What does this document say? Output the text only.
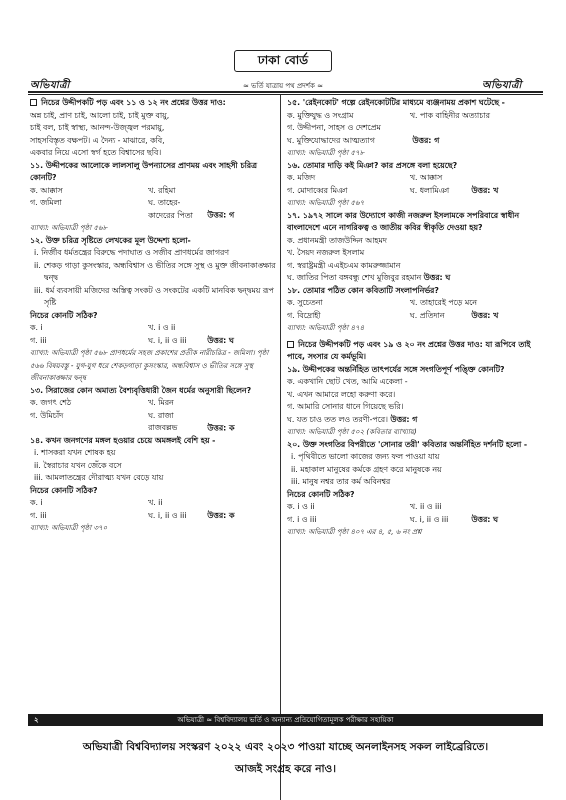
ঢাকা বোর্ড
অভিযাত্রী	≈ ভর্তি যাত্রায় পথ প্রদর্শক ≈	অভিযাত্রী
নিচের উদ্দীপকটি পড় এবং ১১ ও ১২ নং প্রশ্নের উত্তর দাও:
অন্ন চাই, প্রাণ চাই, আলো চাই, চাই মুক্ত বায়ু,
চাই বল, চাই স্বাস্থ্য, আনন্দ-উজ্জ্বল পরমায়ু,
সাহসবিস্তৃত বক্ষপট। এ দৈন্য - মাঝারে, কবি,
একবার নিয়ে এসো স্বর্গ হতে বিশ্বাসের ছবি।
১১. উদ্দীপকের আলোকে লালসালু উপন্যাসের প্রাণময় এবং সাহসী চরিত্র কোনটি?
ক. আক্কাস	খ. রহিমা
গ. জমিলা	ঘ. তাহের-কাদেরের পিতা উত্তর: গ
ব্যাখ্যা: অভিযাত্রী পৃষ্ঠা ৫৬৮
১২. উক্ত চরিত্র সৃষ্টিতে লেখকের মূল উদ্দেশ্য হলো-
i. নির্জীব ধর্মতন্ত্রের বিরুদ্ধে পদাঘাত ও সজীব প্রাণধর্মের জাগরণ
ii. শেকড় গাড়া কুসংস্কার, অন্ধবিশ্বাস ও ভীতির সঙ্গে সুস্থ ও মুক্ত জীবনাকাঙ্ক্ষার দ্বন্দ্ব
iii. ধর্ম ব্যবসায়ী মজিদের অস্তিত্ব সংকট ও সংকটের একটি মানবিক দ্বন্দ্বময় রূপ সৃষ্টি
নিচের কোনটি সঠিক?
ক. i	খ. i ও ii
গ. iii	ঘ. i, ii ও iii	উত্তর: ঘ
ব্যাখ্যা: অভিযাত্রী পৃষ্ঠা ৫৬৮ প্রাণধর্মের সহজ প্রকাশের প্রতীক নারীচরিত্র - জমিলা। পৃষ্ঠা ৫৬৬ বিষয়বস্তু - যুগ-যুগ ধরে শেকড়গাড়া কুসংস্কার, অন্ধবিশ্বাস ও ভীতির সঙ্গে সুস্থ জীবনাকাঙ্ক্ষার দ্বন্দ্ব
১৩. সিরাজের কোন অমাত্য বৈশ্যবৃত্তিধারী জৈন ধর্মের অনুসারী ছিলেন?
ক. জগৎ শেঠ	খ. মিরন
গ. উমিচাঁদ	ঘ. রাজা রাজবল্লভ	উত্তর: ক
১৪. কখন জনগণের মঙ্গল হওয়ার চেয়ে অমঙ্গলই বেশি হয় -
i. শাসকরা যখন শোষক হয়
ii. স্বৈরাচার যখন জেঁকে বসে
iii. আমলাতন্ত্রের দৌরাত্ম্য যখন বেড়ে যায়
নিচের কোনটি সঠিক?
ক. i	খ. ii
গ. iii	ঘ. i, ii ও iii	উত্তর: ক
ব্যাখ্যা: অভিযাত্রী পৃষ্ঠা ৩৭০
১৫. 'রেইনকোট' গল্পে রেইনকোটটির মাধ্যমে ব্যঞ্জনাময় প্রকাশ ঘটেছে -
ক. মুক্তিযুদ্ধ ও সংগ্রাম	খ. পাক বাহিনীর অত্যাচার
গ. উদ্দীপনা, সাহস ও দেশপ্রেম
ঘ. মুক্তিযোদ্ধাদের আত্মত্যাগ	উত্তর: গ
ব্যাখ্যা: অভিযাত্রী পৃষ্ঠা ৫৭৮
১৬. তোমার দাড়ি কই মিঞা? কার প্রসঙ্গে বলা হয়েছে?
ক. মজিদ	খ. আক্কাস
গ. মোদাব্বের মিঞা	ঘ. ধলামিঞা	উত্তর: খ
ব্যাখ্যা: অভিযাত্রী পৃষ্ঠা ৫৬৭
১৭. ১৯৭২ সালে কার উদ্যোগে কাজী নজরুল ইসলামকে সপরিবারে স্বাধীন বাংলাদেশে এনে নাগরিকত্ব ও জাতীয় কবির স্বীকৃতি দেওয়া হয়?
ক. প্রধানমন্ত্রী তাজউদ্দিন আহমদ
খ. সৈয়দ নজরুল ইসলাম
গ. স্বরাষ্ট্রমন্ত্রী এএইচএম কামরুজ্জামান
ঘ. জাতির পিতা বঙ্গবন্ধু শেখ মুজিবুর রহমান উত্তর: ঘ
১৮. তোমার পঠিত কোন কবিতাটি সংলাপনির্ভর?
ক. সুচেতনা	খ. তাহারেই পড়ে মনে
গ. বিদ্রোহী	ঘ. প্রতিদান	উত্তর: খ
ব্যাখ্যা: অভিযাত্রী পৃষ্ঠা ৪৭৪
নিচের উদ্দীপকটি পড় এবং ১৯ ও ২০ নং প্রশ্নের উত্তর দাও: যা রূপিবে তাই পাবে, সংসার যে কর্মভূমি।
১৯. উদ্দীপকের অন্তর্নিহিত তাৎপর্যের সঙ্গে সংগতিপূর্ণ পঙ্ক্তি কোনটি?
ক. একখানি ছোট খেত, আমি একেলা -
খ. এখন আমারে লহো করুণা করে।
গ. আমারি সোনার ধানে গিয়েছে ভরি।
ঘ. যত চাও তত লও তরণী-পরে। উত্তর: গ
ব্যাখ্যা: অভিযাত্রী পৃষ্ঠা ৫০২ (কবিতার ব্যাখ্যায়)
২০. উক্ত সংগতির বিপরীতে 'সোনার তরী' কবিতার অন্তর্নিহিত দর্শনটি হলো -
i. পৃথিবীতে ভালো কাজের জন্য ফল পাওয়া যায়
ii. মহাকাল মানুষের কর্মকে গ্রহণ করে মানুষকে নয়
iii. মানুষ নশ্বর তার কর্ম অবিনশ্বর
নিচের কোনটি সঠিক?
ক. i ও ii	খ. ii ও iii
গ. i ও iii	ঘ. i, ii ও iii	উত্তর: ঘ
ব্যাখ্যা: অভিযাত্রী পৃষ্ঠা ৪০৭ এর ৪, ৫, ৬ নং প্রশ্ন
২	অভিযাত্রী ≈ বিশ্ববিদ্যালয় ভর্তি ও অন্যান্য প্রতিযোগিতামূলক পরীক্ষার সহায়িকা
অভিযাত্রী বিশ্ববিদ্যালয় সংস্করণ ২০২২ এবং ২০২৩ পাওয়া যাচ্ছে অনলাইনসহ সকল লাইব্রেরিতে।
আজই সংগ্রহ করে নাও।
